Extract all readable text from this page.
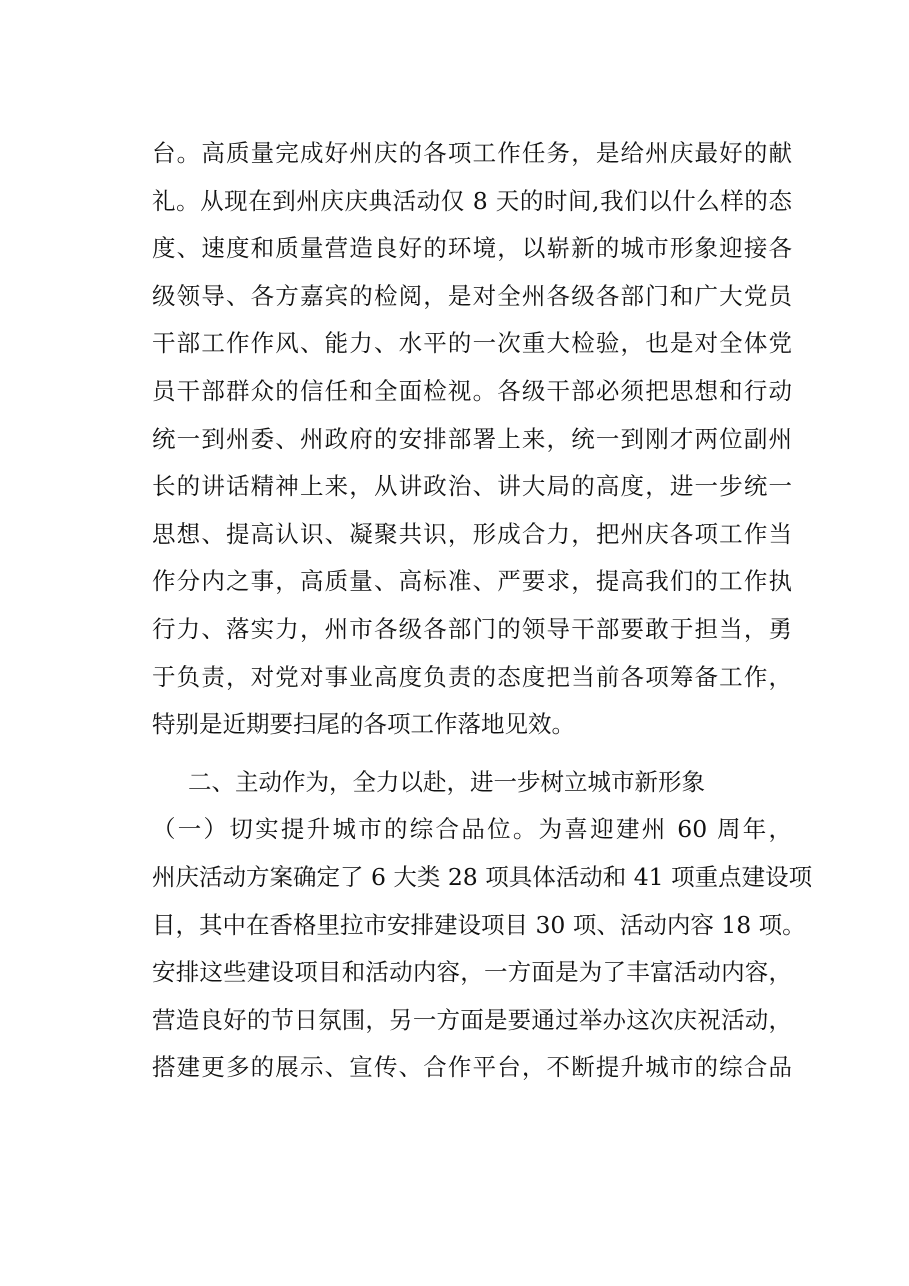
台。高质量完成好州庆的各项工作任务，是给州庆最好的献
礼。从现在到州庆庆典活动仅 8 天的时间,我们以什么样的态
度、速度和质量营造良好的环境，以崭新的城市形象迎接各
级领导、各方嘉宾的检阅，是对全州各级各部门和广大党员
干部工作作风、能力、水平的一次重大检验，也是对全体党
员干部群众的信任和全面检视。各级干部必须把思想和行动
统一到州委、州政府的安排部署上来，统一到刚才两位副州
长的讲话精神上来，从讲政治、讲大局的高度，进一步统一
思想、提高认识、凝聚共识，形成合力，把州庆各项工作当
作分内之事，高质量、高标准、严要求，提高我们的工作执
行力、落实力，州市各级各部门的领导干部要敢于担当，勇
于负责，对党对事业高度负责的态度把当前各项筹备工作，
特别是近期要扫尾的各项工作落地见效。
二、主动作为，全力以赴，进一步树立城市新形象
（一）切实提升城市的综合品位。为喜迎建州 60 周年，
州庆活动方案确定了 6 大类 28 项具体活动和 41 项重点建设项
目，其中在香格里拉市安排建设项目 30 项、活动内容 18 项。
安排这些建设项目和活动内容，一方面是为了丰富活动内容，
营造良好的节日氛围，另一方面是要通过举办这次庆祝活动，
搭建更多的展示、宣传、合作平台，不断提升城市的综合品
